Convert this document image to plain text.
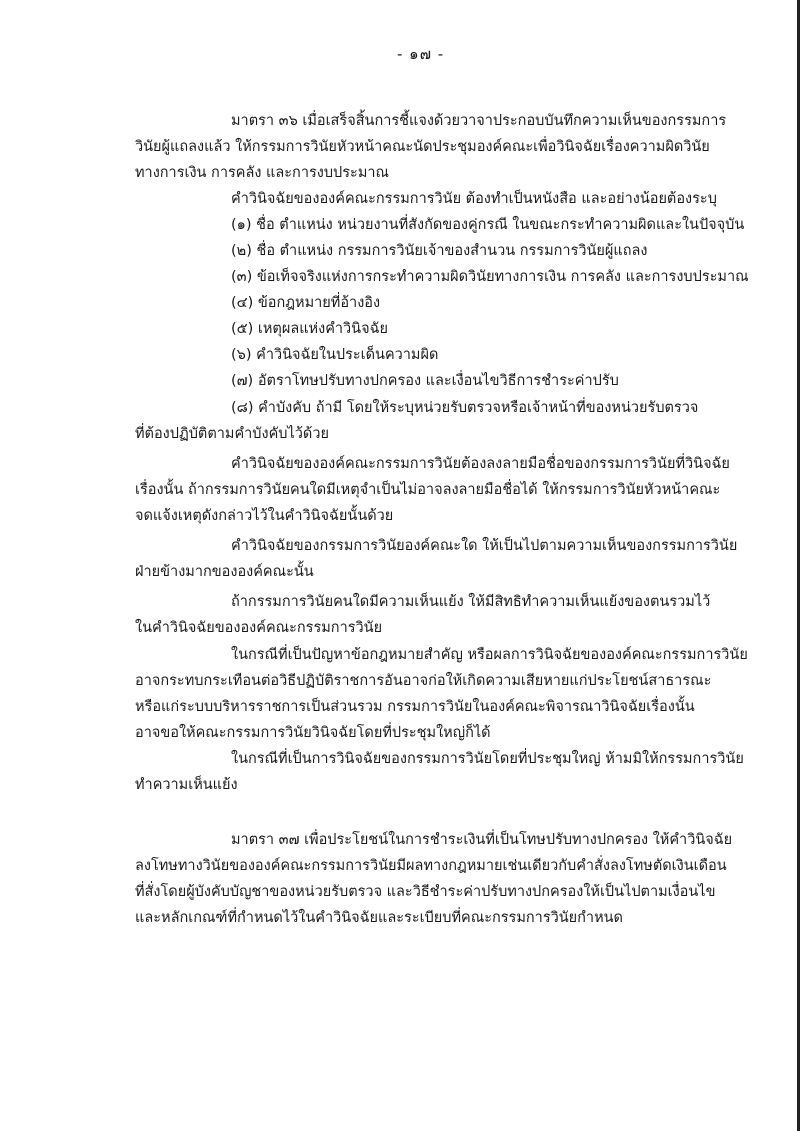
- ๑๗ -
มาตรา ๓๖ เมื่อเสร็จสิ้นการชี้แจงด้วยวาจาประกอบบันทึกความเห็นของกรรมการ
วินัยผู้แถลงแล้ว ให้กรรมการวินัยหัวหน้าคณะนัดประชุมองค์คณะเพื่อวินิจฉัยเรื่องความผิดวินัย
ทางการเงิน การคลัง และการงบประมาณ
คำวินิจฉัยขององค์คณะกรรมการวินัย ต้องทำเป็นหนังสือ และอย่างน้อยต้องระบุ
(๑) ชื่อ ตำแหน่ง หน่วยงานที่สังกัดของคู่กรณี ในขณะกระทำความผิดและในปัจจุบัน
(๒) ชื่อ ตำแหน่ง กรรมการวินัยเจ้าของสำนวน กรรมการวินัยผู้แถลง
(๓) ข้อเท็จจริงแห่งการกระทำความผิดวินัยทางการเงิน การคลัง และการงบประมาณ
(๔) ข้อกฎหมายที่อ้างอิง
(๕) เหตุผลแห่งคำวินิจฉัย
(๖) คำวินิจฉัยในประเด็นความผิด
(๗) อัตราโทษปรับทางปกครอง และเงื่อนไขวิธีการชำระค่าปรับ
(๘) คำบังคับ ถ้ามี โดยให้ระบุหน่วยรับตรวจหรือเจ้าหน้าที่ของหน่วยรับตรวจ
ที่ต้องปฏิบัติตามคำบังคับไว้ด้วย
คำวินิจฉัยขององค์คณะกรรมการวินัยต้องลงลายมือชื่อของกรรมการวินัยที่วินิจฉัย
เรื่องนั้น ถ้ากรรมการวินัยคนใดมีเหตุจำเป็นไม่อาจลงลายมือชื่อได้ ให้กรรมการวินัยหัวหน้าคณะ
จดแจ้งเหตุดังกล่าวไว้ในคำวินิจฉัยนั้นด้วย
คำวินิจฉัยของกรรมการวินัยองค์คณะใด ให้เป็นไปตามความเห็นของกรรมการวินัย
ฝ่ายข้างมากขององค์คณะนั้น
ถ้ากรรมการวินัยคนใดมีความเห็นแย้ง ให้มีสิทธิทำความเห็นแย้งของตนรวมไว้
ในคำวินิจฉัยขององค์คณะกรรมการวินัย
ในกรณีที่เป็นปัญหาข้อกฎหมายสำคัญ หรือผลการวินิจฉัยขององค์คณะกรรมการวินัย
อาจกระทบกระเทือนต่อวิธีปฏิบัติราชการอันอาจก่อให้เกิดความเสียหายแก่ประโยชน์สาธารณะ
หรือแก่ระบบบริหารราชการเป็นส่วนรวม กรรมการวินัยในองค์คณะพิจารณาวินิจฉัยเรื่องนั้น
อาจขอให้คณะกรรมการวินัยวินิจฉัยโดยที่ประชุมใหญ่ก็ได้
ในกรณีที่เป็นการวินิจฉัยของกรรมการวินัยโดยที่ประชุมใหญ่ ห้ามมิให้กรรมการวินัย
ทำความเห็นแย้ง
มาตรา ๓๗ เพื่อประโยชน์ในการชำระเงินที่เป็นโทษปรับทางปกครอง ให้คำวินิจฉัย
ลงโทษทางวินัยขององค์คณะกรรมการวินัยมีผลทางกฎหมายเช่นเดียวกับคำสั่งลงโทษตัดเงินเดือน
ที่สั่งโดยผู้บังคับบัญชาของหน่วยรับตรวจ และวิธีชำระค่าปรับทางปกครองให้เป็นไปตามเงื่อนไข
และหลักเกณฑ์ที่กำหนดไว้ในคำวินิจฉัยและระเบียบที่คณะกรรมการวินัยกำหนด
